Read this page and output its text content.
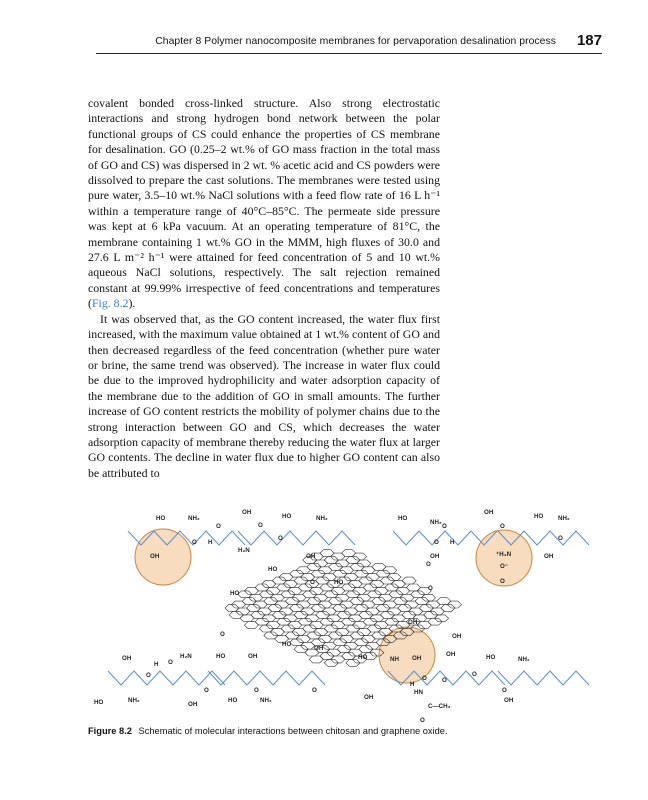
Chapter 8 Polymer nanocomposite membranes for pervaporation desalination process 187

covalent bonded cross-linked structure. Also strong electrostatic interactions and strong hydrogen bond network between the polar functional groups of CS could enhance the properties of CS membrane for desalination. GO (0.25–2 wt.% of GO mass fraction in the total mass of GO and CS) was dispersed in 2 wt. % acetic acid and CS powders were dissolved to prepare the cast solutions. The membranes were tested using pure water, 3.5–10 wt.% NaCl solutions with a feed flow rate of 16 L h⁻¹ within a temperature range of 40°C–85°C. The permeate side pressure was kept at 6 kPa vacuum. At an operating temperature of 81°C, the membrane containing 1 wt.% GO in the MMM, high fluxes of 30.0 and 27.6 L m⁻² h⁻¹ were attained for feed concentration of 5 and 10 wt.% aqueous NaCl solutions, respectively. The salt rejection remained constant at 99.99% irrespective of feed concentrations and temperatures (Fig. 8.2).

It was observed that, as the GO content increased, the water flux first increased, with the maximum value obtained at 1 wt.% content of GO and then decreased regardless of the feed concentration (whether pure water or brine, the same trend was observed). The increase in water flux could be due to the improved hydrophilicity and water adsorption capacity of the membrane due to the addition of GO in small amounts. The further increase of GO content restricts the mobility of polymer chains due to the strong interaction between GO and CS, which decreases the water adsorption capacity of membrane thereby reducing the water flux at larger GO contents. The decline in water flux due to higher GO content can also be attributed to

HO	NH₂
OH
HO	NH₂	HO
NH₂
OH
HO NH₂
O
H
O
O
O
H₂N
OH	OH
HO
O
H
O
O
O
⁺H₃N
O⁻
OH	OH
O	HO
HO
O
O
O
OH
O	OH
HO
OH
HO
H₂N	OH
OH	HO	NH OH
OH	HO	NH₂
H O
O
O	O	O
H
O O
O
O
HO	NH₂
OH
HO	NH₂	OH
HN
C—CH₃
OH
O
Figure 8.2 Schematic of molecular interactions between chitosan and graphene oxide.
